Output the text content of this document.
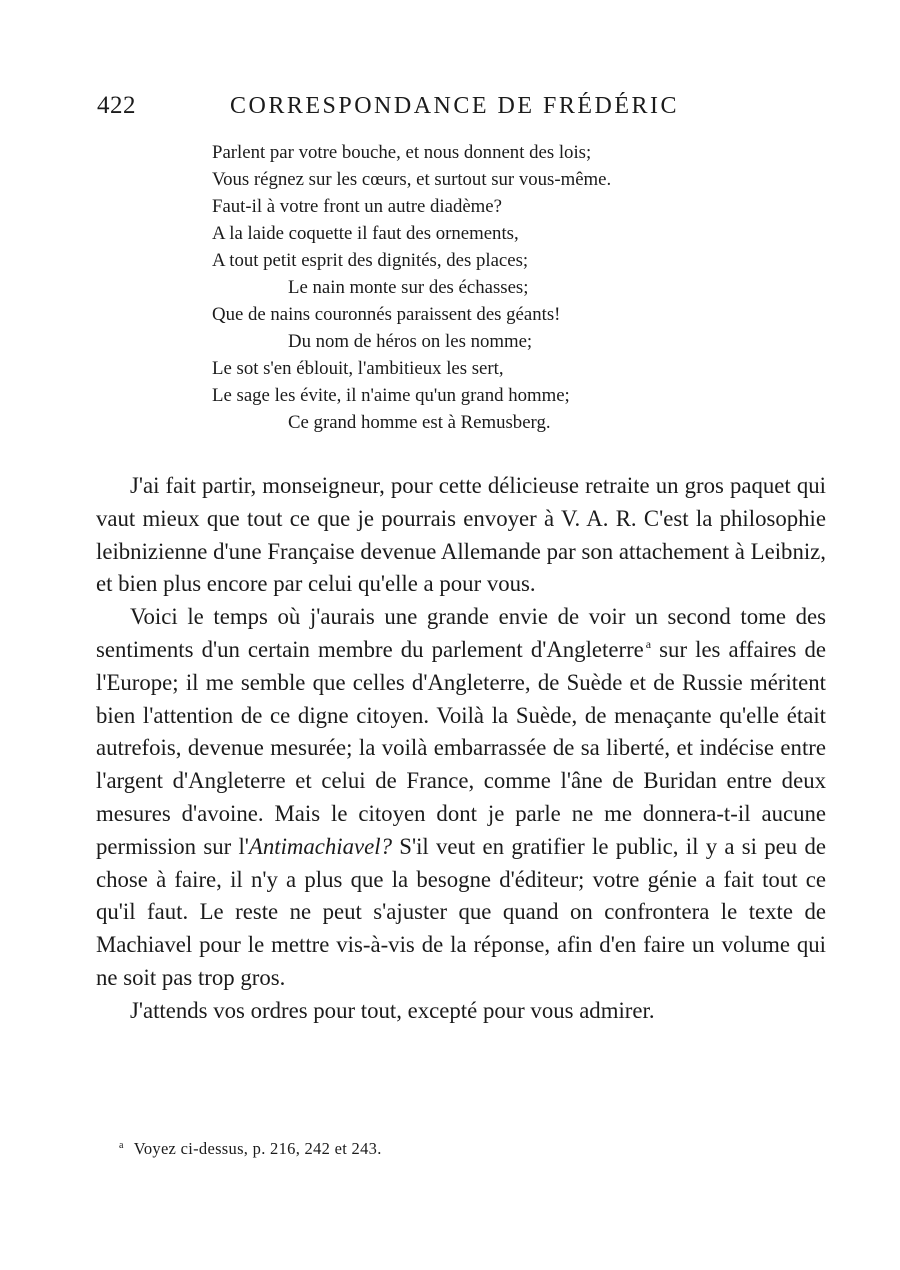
422	CORRESPONDANCE DE FRÉDÉRIC
Parlent par votre bouche, et nous donnent des lois;
Vous régnez sur les cœurs, et surtout sur vous-même.
Faut-il à votre front un autre diadème?
A la laide coquette il faut des ornements,
A tout petit esprit des dignités, des places;
Le nain monte sur des échasses;
Que de nains couronnés paraissent des géants!
Du nom de héros on les nomme;
Le sot s'en éblouit, l'ambitieux les sert,
Le sage les évite, il n'aime qu'un grand homme;
Ce grand homme est à Remusberg.

J'ai fait partir, monseigneur, pour cette délicieuse retraite un gros paquet qui vaut mieux que tout ce que je pourrais envoyer à V. A. R. C'est la philosophie leibnizienne d'une Française devenue Allemande par son attachement à Leibniz, et bien plus encore par celui qu'elle a pour vous.

Voici le temps où j'aurais une grande envie de voir un second tome des sentiments d'un certain membre du parlement d'Angleterre $^a$ sur les affaires de l'Europe; il me semble que celles d'Angleterre, de Suède et de Russie méritent bien l'attention de ce digne citoyen. Voilà la Suède, de menaçante qu'elle était autrefois, devenue mesurée; la voilà embarrassée de sa liberté, et indécise entre l'argent d'Angleterre et celui de France, comme l'âne de Buridan entre deux mesures d'avoine. Mais le citoyen dont je parle ne me donnera-t-il aucune permission sur l'Antimachiavel? S'il veut en gratifier le public, il y a si peu de chose à faire, il n'y a plus que la besogne d'éditeur; votre génie a fait tout ce qu'il faut. Le reste ne peut s'ajuster que quand on confrontera le texte de Machiavel pour le mettre vis-à-vis de la réponse, afin d'en faire un volume qui ne soit pas trop gros.

J'attends vos ordres pour tout, excepté pour vous admirer.

$^a$ Voyez ci-dessus, p. 216, 242 et 243.
